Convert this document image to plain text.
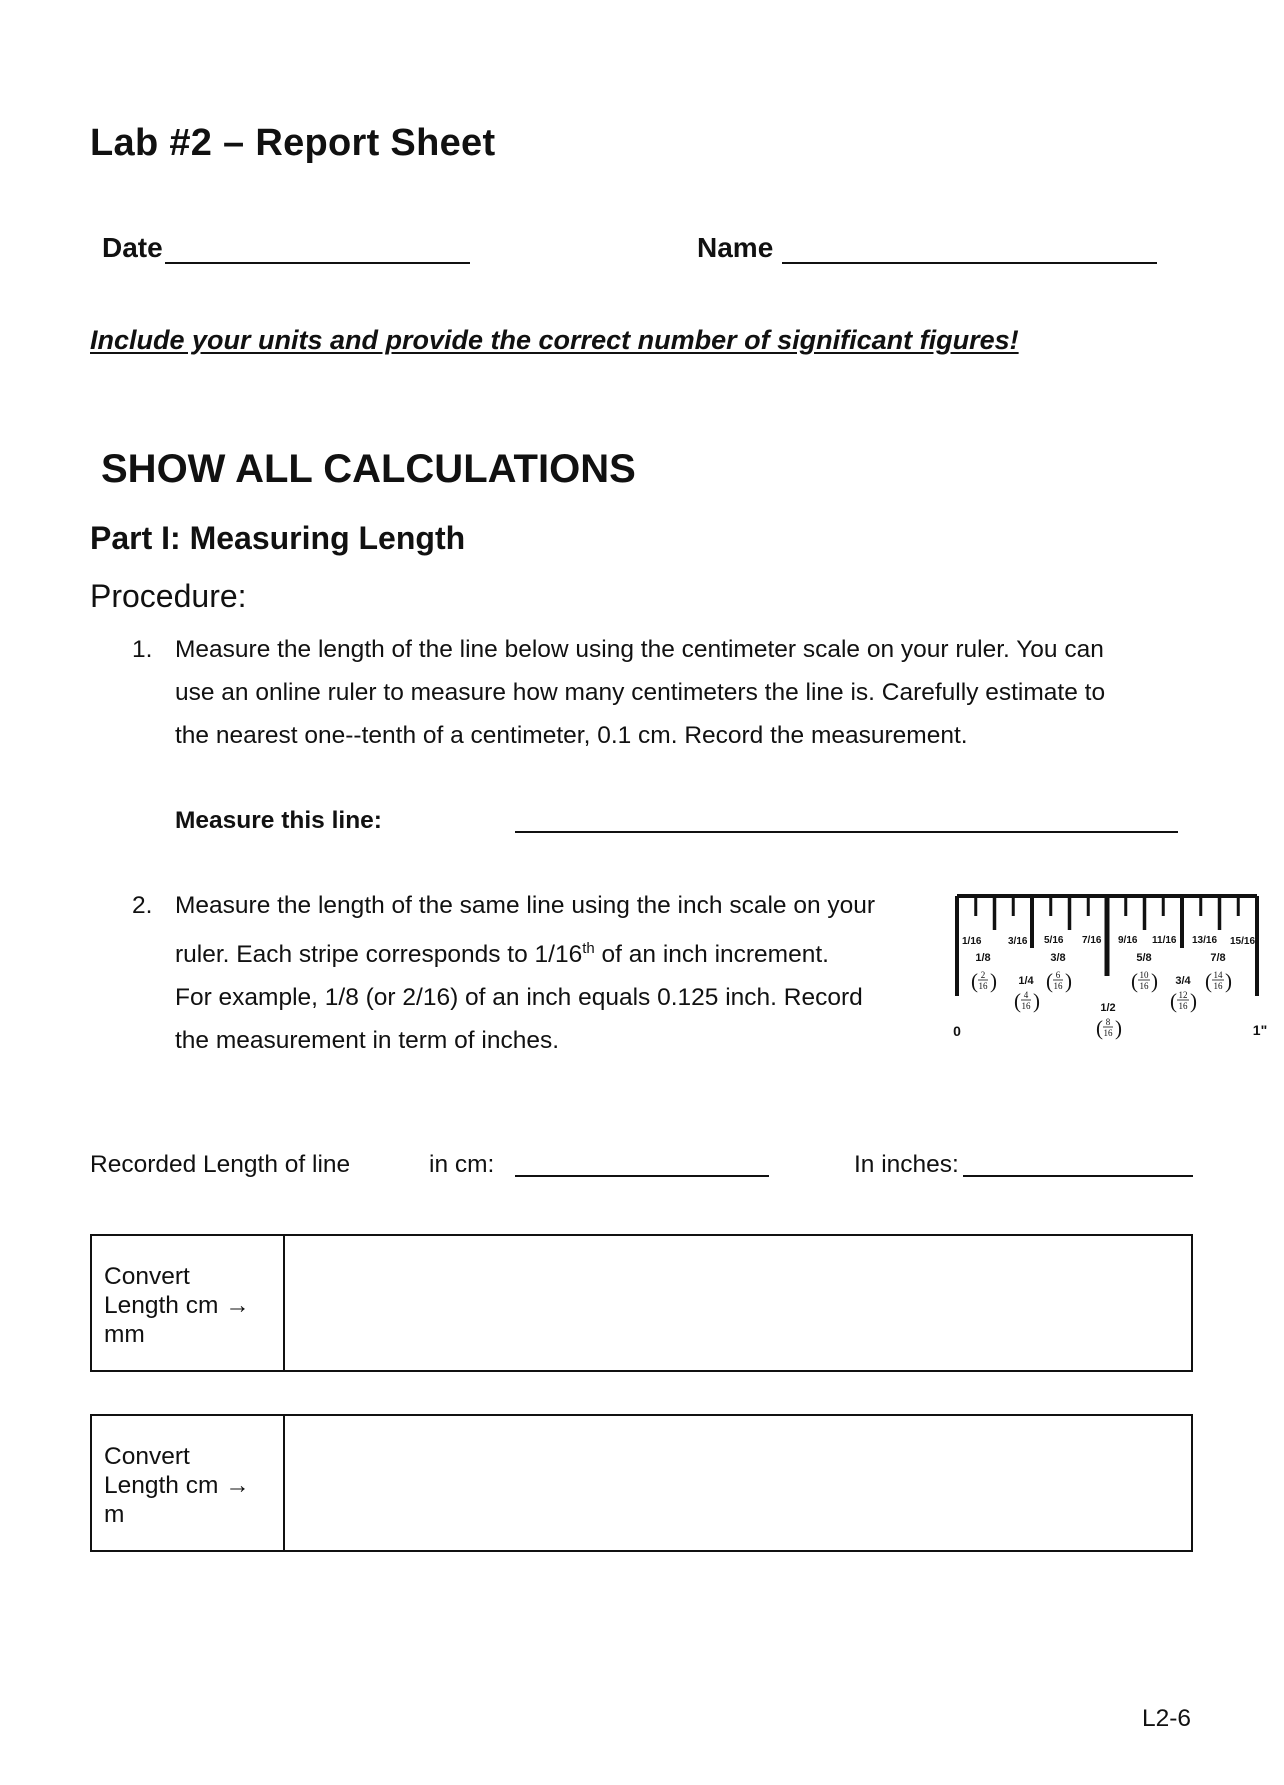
Lab #2 – Report Sheet
Date	Name
Include your units and provide the correct number of significant figures!
SHOW ALL CALCULATIONS
Part I: Measuring Length
Procedure:
1. Measure the length of the line below using the centimeter scale on your ruler. You can
use an online ruler to measure how many centimeters the line is. Carefully estimate to
the nearest one--tenth of a centimeter, 0.1 cm. Record the measurement.
Measure this line:
2. Measure the length of the same line using the inch scale on your
ruler. Each stripe corresponds to 1/16th of an inch increment.
For example, 1/8 (or 2/16) of an inch equals 0.125 inch. Record
the measurement in term of inches.
1/16	3/16 5/16 7/16 9/16 11/16 13/16 15/16
1/8	3/8	5/8	7/8
1/4	3/4
1/2
0	1"
2
16
( )
4
16
( )
6
16
( )
8
16
( )
10
16
( )
12
16
( )
14
16
( )
Recorded Length of line	in cm:	In inches:
Convert
Length cm →
mm
Convert
Length cm →
m
L2-6
